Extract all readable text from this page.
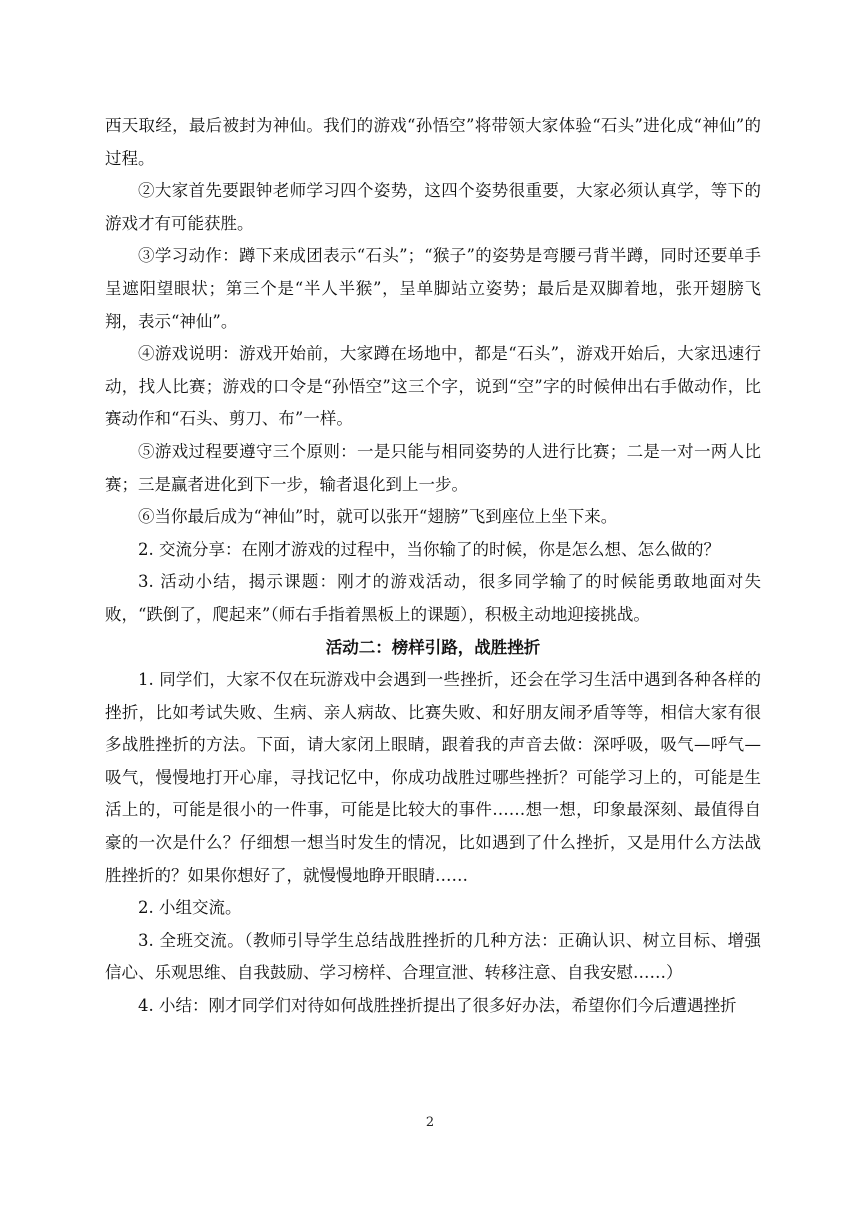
西天取经，最后被封为神仙。我们的游戏“孙悟空”将带领大家体验“石头”进化成“神仙”的过程。

②大家首先要跟钟老师学习四个姿势，这四个姿势很重要，大家必须认真学，等下的游戏才有可能获胜。

③学习动作：蹲下来成团表示“石头”；“猴子”的姿势是弯腰弓背半蹲，同时还要单手呈遮阳望眼状；第三个是“半人半猴”，呈单脚站立姿势；最后是双脚着地，张开翅膀飞翔，表示“神仙”。

④游戏说明：游戏开始前，大家蹲在场地中，都是“石头”，游戏开始后，大家迅速行动，找人比赛；游戏的口令是“孙悟空”这三个字，说到“空”字的时候伸出右手做动作，比赛动作和“石头、剪刀、布”一样。

⑤游戏过程要遵守三个原则：一是只能与相同姿势的人进行比赛；二是一对一两人比赛；三是赢者进化到下一步，输者退化到上一步。

⑥当你最后成为“神仙”时，就可以张开“翅膀”飞到座位上坐下来。

2. 交流分享：在刚才游戏的过程中，当你输了的时候，你是怎么想、怎么做的？

3. 活动小结，揭示课题：刚才的游戏活动，很多同学输了的时候能勇敢地面对失败，“跌倒了，爬起来”（师右手指着黑板上的课题），积极主动地迎接挑战。

活动二：榜样引路，战胜挫折

1. 同学们，大家不仅在玩游戏中会遇到一些挫折，还会在学习生活中遇到各种各样的挫折，比如考试失败、生病、亲人病故、比赛失败、和好朋友闹矛盾等等，相信大家有很多战胜挫折的方法。下面，请大家闭上眼睛，跟着我的声音去做：深呼吸，吸气—呼气—吸气，慢慢地打开心扉，寻找记忆中，你成功战胜过哪些挫折？可能学习上的，可能是生活上的，可能是很小的一件事，可能是比较大的事件……想一想，印象最深刻、最值得自豪的一次是什么？仔细想一想当时发生的情况，比如遇到了什么挫折，又是用什么方法战胜挫折的？如果你想好了，就慢慢地睁开眼睛……

2. 小组交流。

3. 全班交流。（教师引导学生总结战胜挫折的几种方法：正确认识、树立目标、增强信心、乐观思维、自我鼓励、学习榜样、合理宣泄、转移注意、自我安慰……）

4. 小结：刚才同学们对待如何战胜挫折提出了很多好办法，希望你们今后遭遇挫折

2
